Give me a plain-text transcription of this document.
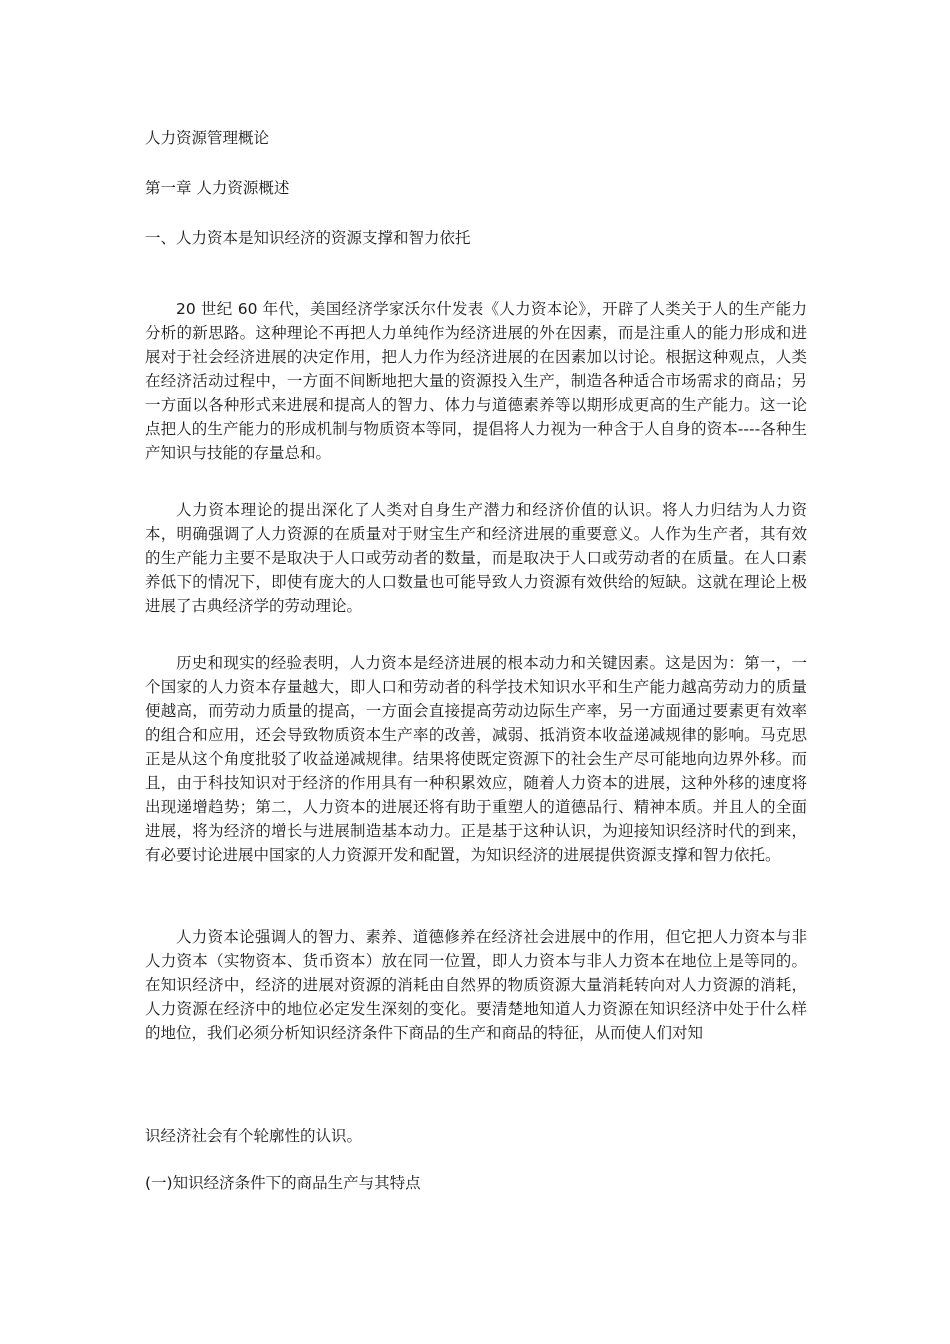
人力资源管理概论

第一章 人力资源概述

一、人力资本是知识经济的资源支撑和智力依托

20 世纪 60 年代，美国经济学家沃尔什发表《人力资本论》，开辟了人类关于人的生产能力分析的新思路。这种理论不再把人力单纯作为经济进展的外在因素，而是注重人的能力形成和进展对于社会经济进展的决定作用，把人力作为经济进展的在因素加以讨论。根据这种观点，人类在经济活动过程中，一方面不间断地把大量的资源投入生产，制造各种适合市场需求的商品；另一方面以各种形式来进展和提高人的智力、体力与道德素养等以期形成更高的生产能力。这一论点把人的生产能力的形成机制与物质资本等同，提倡将人力视为一种含于人自身的资本----各种生产知识与技能的存量总和。

人力资本理论的提出深化了人类对自身生产潜力和经济价值的认识。将人力归结为人力资本，明确强调了人力资源的在质量对于财宝生产和经济进展的重要意义。人作为生产者，其有效的生产能力主要不是取决于人口或劳动者的数量，而是取决于人口或劳动者的在质量。在人口素养低下的情况下，即使有庞大的人口数量也可能导致人力资源有效供给的短缺。这就在理论上极进展了古典经济学的劳动理论。

历史和现实的经验表明，人力资本是经济进展的根本动力和关键因素。这是因为：第一，一个国家的人力资本存量越大，即人口和劳动者的科学技术知识水平和生产能力越高劳动力的质量便越高，而劳动力质量的提高，一方面会直接提高劳动边际生产率，另一方面通过要素更有效率的组合和应用，还会导致物质资本生产率的改善，减弱、抵消资本收益递减规律的影响。马克思正是从这个角度批驳了收益递减规律。结果将使既定资源下的社会生产尽可能地向边界外移。而且，由于科技知识对于经济的作用具有一种积累效应，随着人力资本的进展，这种外移的速度将出现递增趋势；第二，人力资本的进展还将有助于重塑人的道德品行、精神本质。并且人的全面进展，将为经济的增长与进展制造基本动力。正是基于这种认识，为迎接知识经济时代的到来，有必要讨论进展中国家的人力资源开发和配置，为知识经济的进展提供资源支撑和智力依托。

人力资本论强调人的智力、素养、道德修养在经济社会进展中的作用，但它把人力资本与非人力资本（实物资本、货币资本）放在同一位置，即人力资本与非人力资本在地位上是等同的。在知识经济中，经济的进展对资源的消耗由自然界的物质资源大量消耗转向对人力资源的消耗，人力资源在经济中的地位必定发生深刻的变化。要清楚地知道人力资源在知识经济中处于什么样的地位，我们必须分析知识经济条件下商品的生产和商品的特征，从而使人们对知

识经济社会有个轮廓性的认识。

(一)知识经济条件下的商品生产与其特点
